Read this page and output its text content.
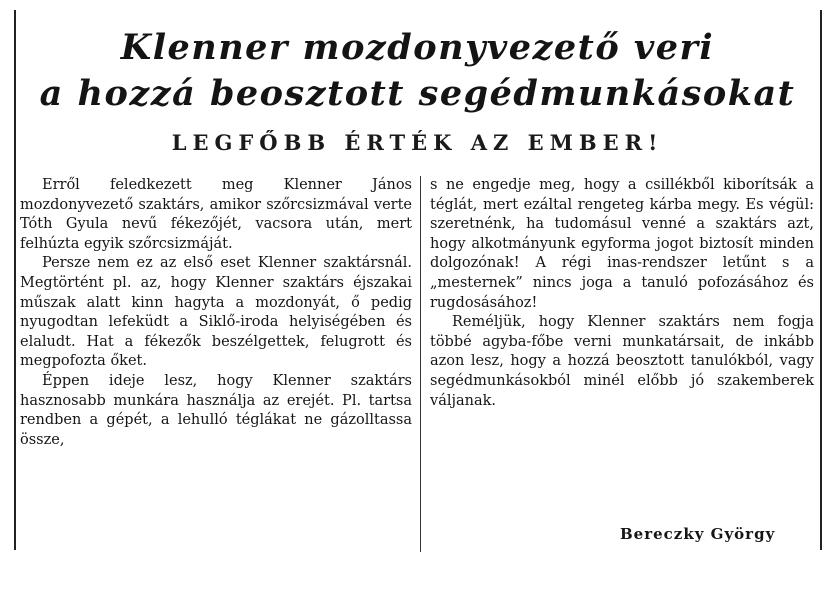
Klenner mozdonyvezető veri
a hozzá beosztott segédmunkásokat
LEGFŐBB ÉRTÉK AZ EMBER!

Erről feledkezett meg Klenner János mozdonyvezető szaktárs, amikor szőrcsizmával verte Tóth Gyula nevű fékezőjét, vacsora után, mert felhúzta egyik szőrcsizmáját.

Persze nem ez az első eset Klenner szaktársnál. Megtörtént pl. az, hogy Klenner szaktárs éjszakai műszak alatt kinn hagyta a mozdonyát, ő pedig nyugodtan lefeküdt a Siklő-iroda helyiségében és elaludt. Hat a fékezők beszélgettek, felugrott és megpofozta őket.

Éppen ideje lesz, hogy Klenner szaktárs hasznosabb munkára használja az erejét. Pl. tartsa rendben a gépét, a lehulló téglákat ne gázolltassa össze,

s ne engedje meg, hogy a csillékből kiborítsák a téglát, mert ezáltal rengeteg kárba megy. Es végül: szeretnénk, ha tudomásul venné a szaktárs azt, hogy alkotmányunk egyforma jogot biztosít minden dolgozónak! A régi inas-rendszer letűnt s a „mesternek” nincs joga a tanuló pofozásához és rugdosásához!

Reméljük, hogy Klenner szaktárs nem fogja többé agyba-főbe verni munkatársait, de inkább azon lesz, hogy a hozzá beosztott tanulókból, vagy segédmunkásokból minél előbb jó szakemberek váljanak.

Bereczky György
